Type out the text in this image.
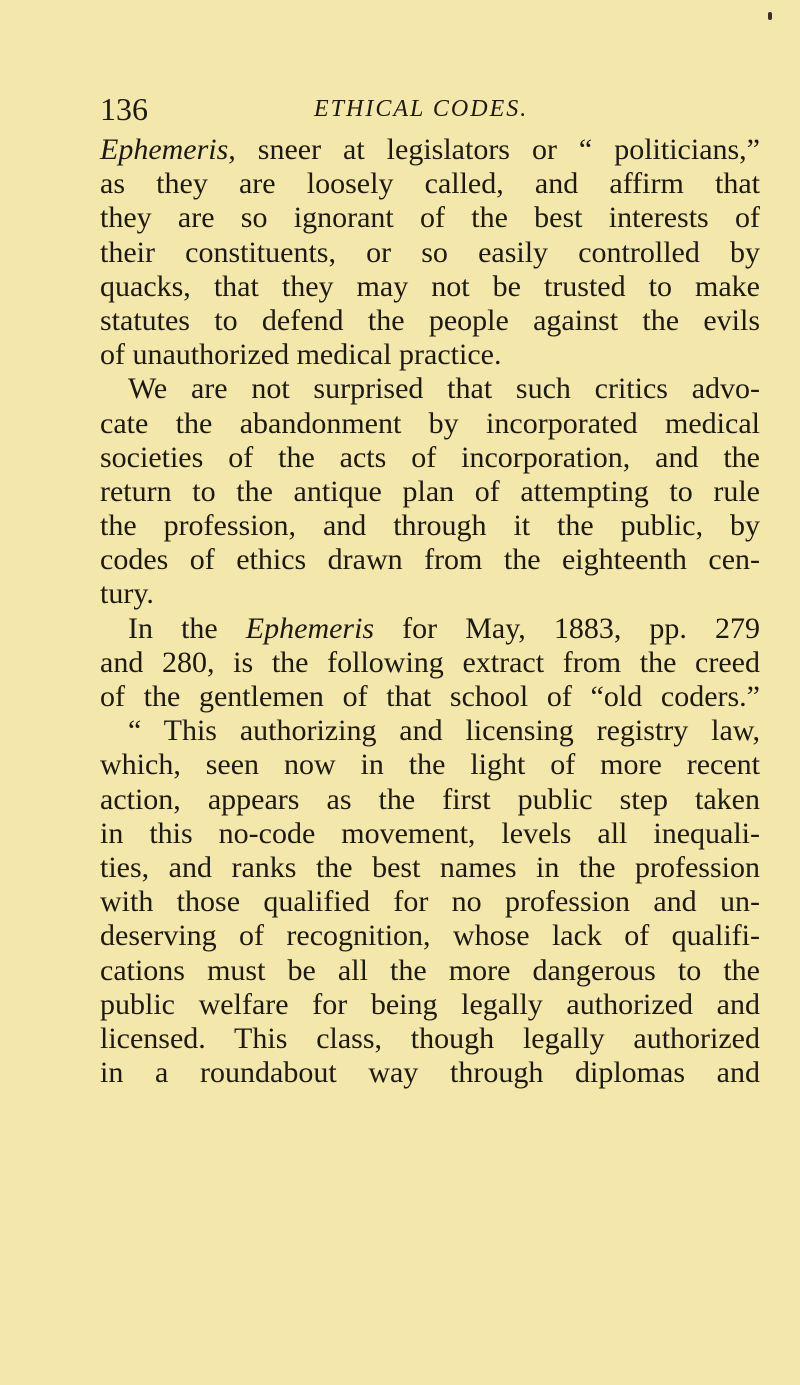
136	ETHICAL CODES.
Ephemeris, sneer at legislators or “ politicians,”
as they are loosely called, and affirm that
they are so ignorant of the best interests of
their constituents, or so easily controlled by
quacks, that they may not be trusted to make
statutes to defend the people against the evils
of unauthorized medical practice.
We are not surprised that such critics advo-
cate the abandonment by incorporated medical
societies of the acts of incorporation, and the
return to the antique plan of attempting to rule
the profession, and through it the public, by
codes of ethics drawn from the eighteenth cen-
tury.
In the Ephemeris for May, 1883, pp. 279
and 280, is the following extract from the creed
of the gentlemen of that school of “old coders.”
“ This authorizing and licensing registry law,
which, seen now in the light of more recent
action, appears as the first public step taken
in this no-code movement, levels all inequali-
ties, and ranks the best names in the profession
with those qualified for no profession and un-
deserving of recognition, whose lack of qualifi-
cations must be all the more dangerous to the
public welfare for being legally authorized and
licensed. This class, though legally authorized
in a roundabout way through diplomas and
